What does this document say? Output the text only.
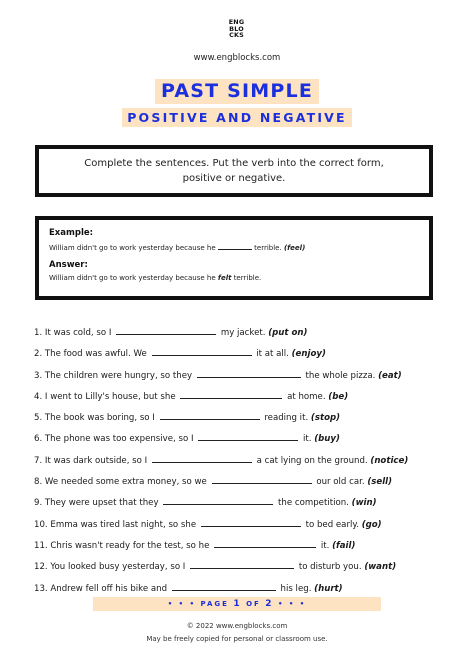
ENG
BLO
CKS
www.engblocks.com
PAST SIMPLE
POSITIVE AND NEGATIVE
Complete the sentences. Put the verb into the correct form,
positive or negative.
Example:
William didn't go to work yesterday because he	terrible. (feel)
Answer:
William didn't go to work yesterday because he felt terrible.
1. It was cold, so I	my jacket. (put on)
2. The food was awful. We	it at all. (enjoy)
3. The children were hungry, so they	the whole pizza. (eat)
4. I went to Lilly's house, but she	at home. (be)
5. The book was boring, so I	reading it. (stop)
6. The phone was too expensive, so I	it. (buy)
7. It was dark outside, so I	a cat lying on the ground. (notice)
8. We needed some extra money, so we	our old car. (sell)
9. They were upset that they	the competition. (win)
10. Emma was tired last night, so she	to bed early. (go)
11. Chris wasn't ready for the test, so he	it. (fail)
12. You looked busy yesterday, so I	to disturb you. (want)
13. Andrew fell off his bike and	his leg. (hurt)
• • • PAGE 1 OF 2 • • •
© 2022 www.engblocks.com
May be freely copied for personal or classroom use.
